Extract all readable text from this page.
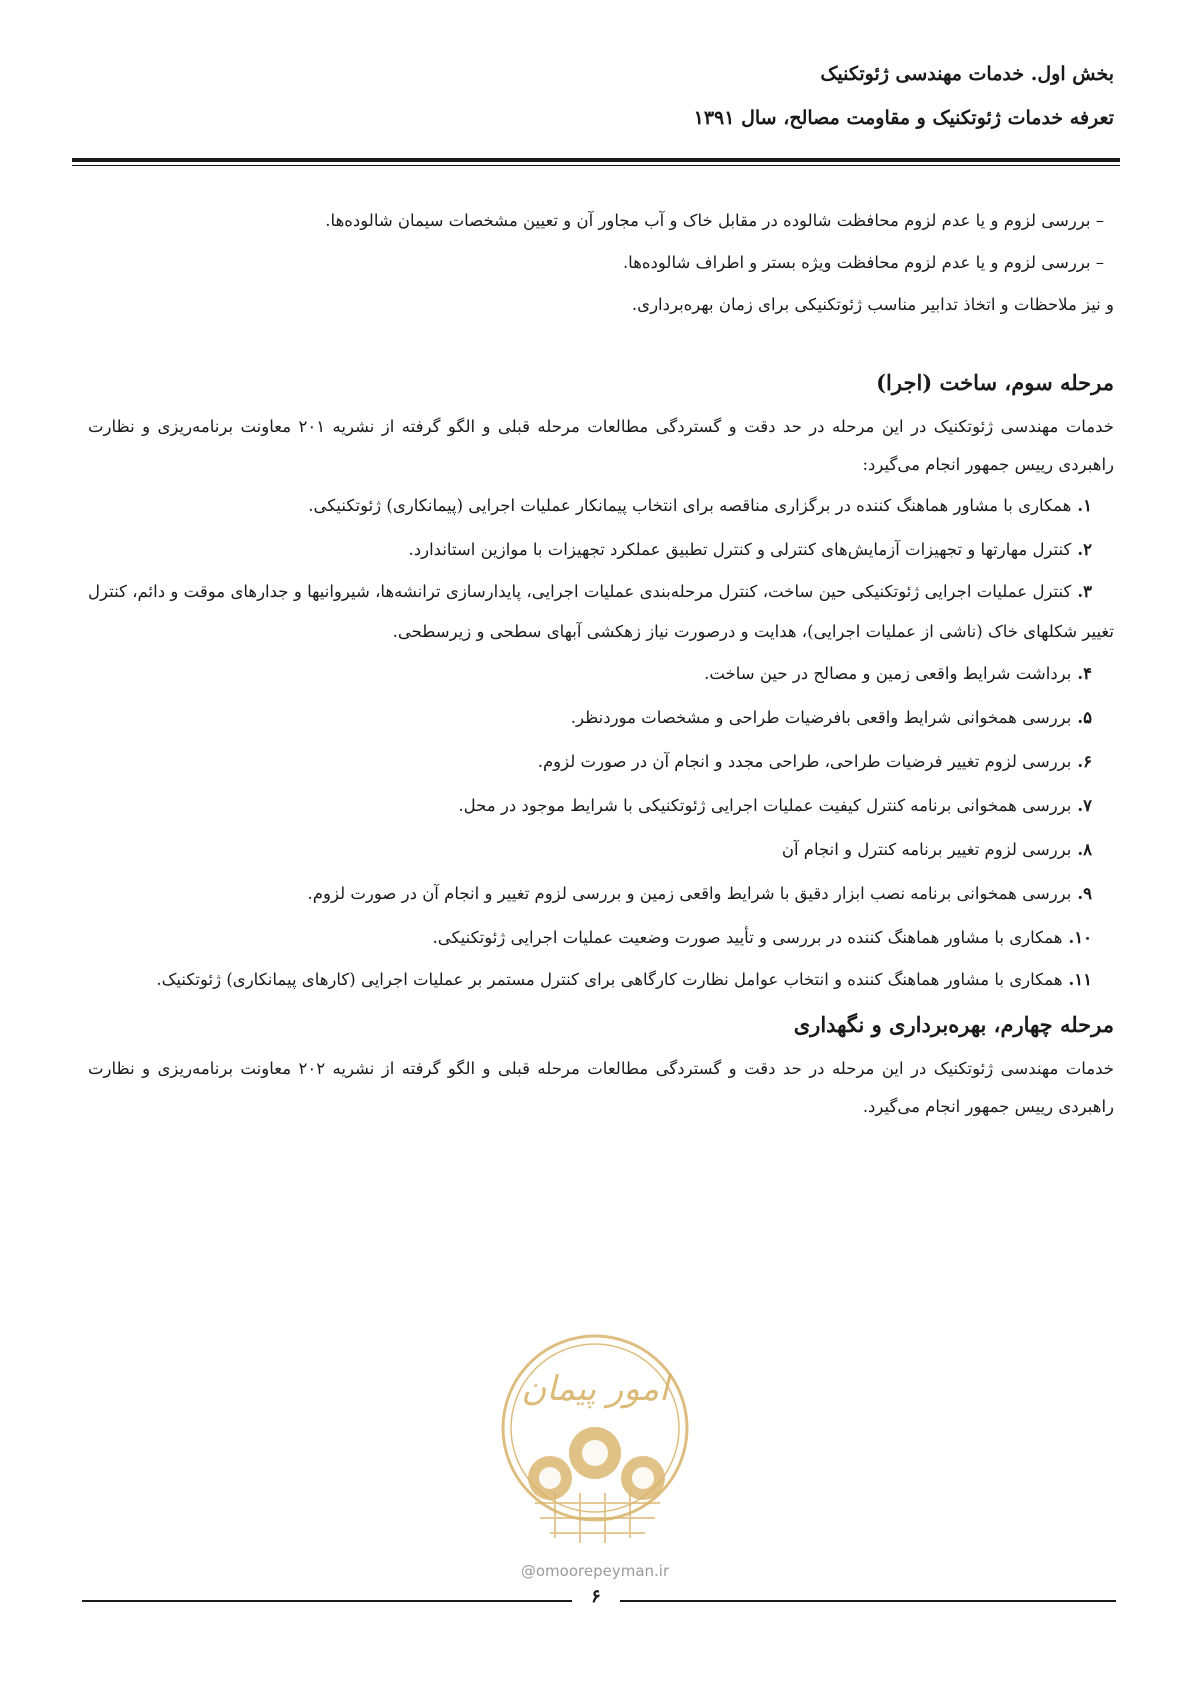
بخش اول. خدمات مهندسی ژئوتکنیک
تعرفه خدمات ژئوتکنیک و مقاومت مصالح، سال ۱۳۹۱
– بررسی لزوم و یا عدم لزوم محافظت شالوده در مقابل خاک و آب مجاور آن و تعیین مشخصات سیمان شالوده‌ها.
– بررسی لزوم و یا عدم لزوم محافظت ویژه بستر و اطراف شالوده‌ها.
و نیز ملاحظات و اتخاذ تدابیر مناسب ژئوتکنیکی برای زمان بهره‌برداری.
مرحله سوم، ساخت (اجرا)
خدمات مهندسی ژئوتکنیک در این مرحله در حد دقت و گستردگی مطالعات مرحله قبلی و الگو گرفته از نشریه ۲۰۱ معاونت برنامه‌ریزی و نظارت راهبردی رییس جمهور انجام می‌گیرد:
۱.همکاری با مشاور هماهنگ کننده در برگزاری مناقصه برای انتخاب پیمانکار عملیات اجرایی (پیمانکاری) ژئوتکنیکی.
۲.کنترل مهارتها و تجهیزات آزمایش‌های کنترلی و کنترل تطبیق عملکرد تجهیزات با موازین استاندارد.
۳.کنترل عملیات اجرایی ژئوتکنیکی حین ساخت، کنترل مرحله‌بندی عملیات اجرایی، پایدارسازی ترانشه‌ها، شیروانیها و جدارهای موقت و دائم، کنترل تغییر شکلهای خاک (ناشی از عملیات اجرایی)، هدایت و درصورت نیاز زهکشی آبهای سطحی و زیرسطحی.
۴.برداشت شرایط واقعی زمین و مصالح در حین ساخت.
۵.بررسی همخوانی شرایط واقعی بافرضیات طراحی و مشخصات موردنظر.
۶.بررسی لزوم تغییر فرضیات طراحی، طراحی مجدد و انجام آن در صورت لزوم.
۷.بررسی همخوانی برنامه کنترل کیفیت عملیات اجرایی ژئوتکنیکی با شرایط موجود در محل.
۸.بررسی لزوم تغییر برنامه کنترل و انجام آن
۹.بررسی همخوانی برنامه نصب ابزار دقیق با شرایط واقعی زمین و بررسی لزوم تغییر و انجام آن در صورت لزوم.
۱۰.همکاری با مشاور هماهنگ کننده در بررسی و تأیید صورت وضعیت عملیات اجرایی ژئوتکنیکی.
۱۱.همکاری با مشاور هماهنگ کننده و انتخاب عوامل نظارت کارگاهی برای کنترل مستمر بر عملیات اجرایی (کارهای پیمانکاری) ژئوتکنیک.
مرحله چهارم، بهره‌برداری و نگهداری
خدمات مهندسی ژئوتکنیک در این مرحله در حد دقت و گستردگی مطالعات مرحله قبلی و الگو گرفته از نشریه ۲۰۲ معاونت برنامه‌ریزی و نظارت راهبردی رییس جمهور انجام می‌گیرد.
امور پیمان
@omoorepeyman.ir
۶
